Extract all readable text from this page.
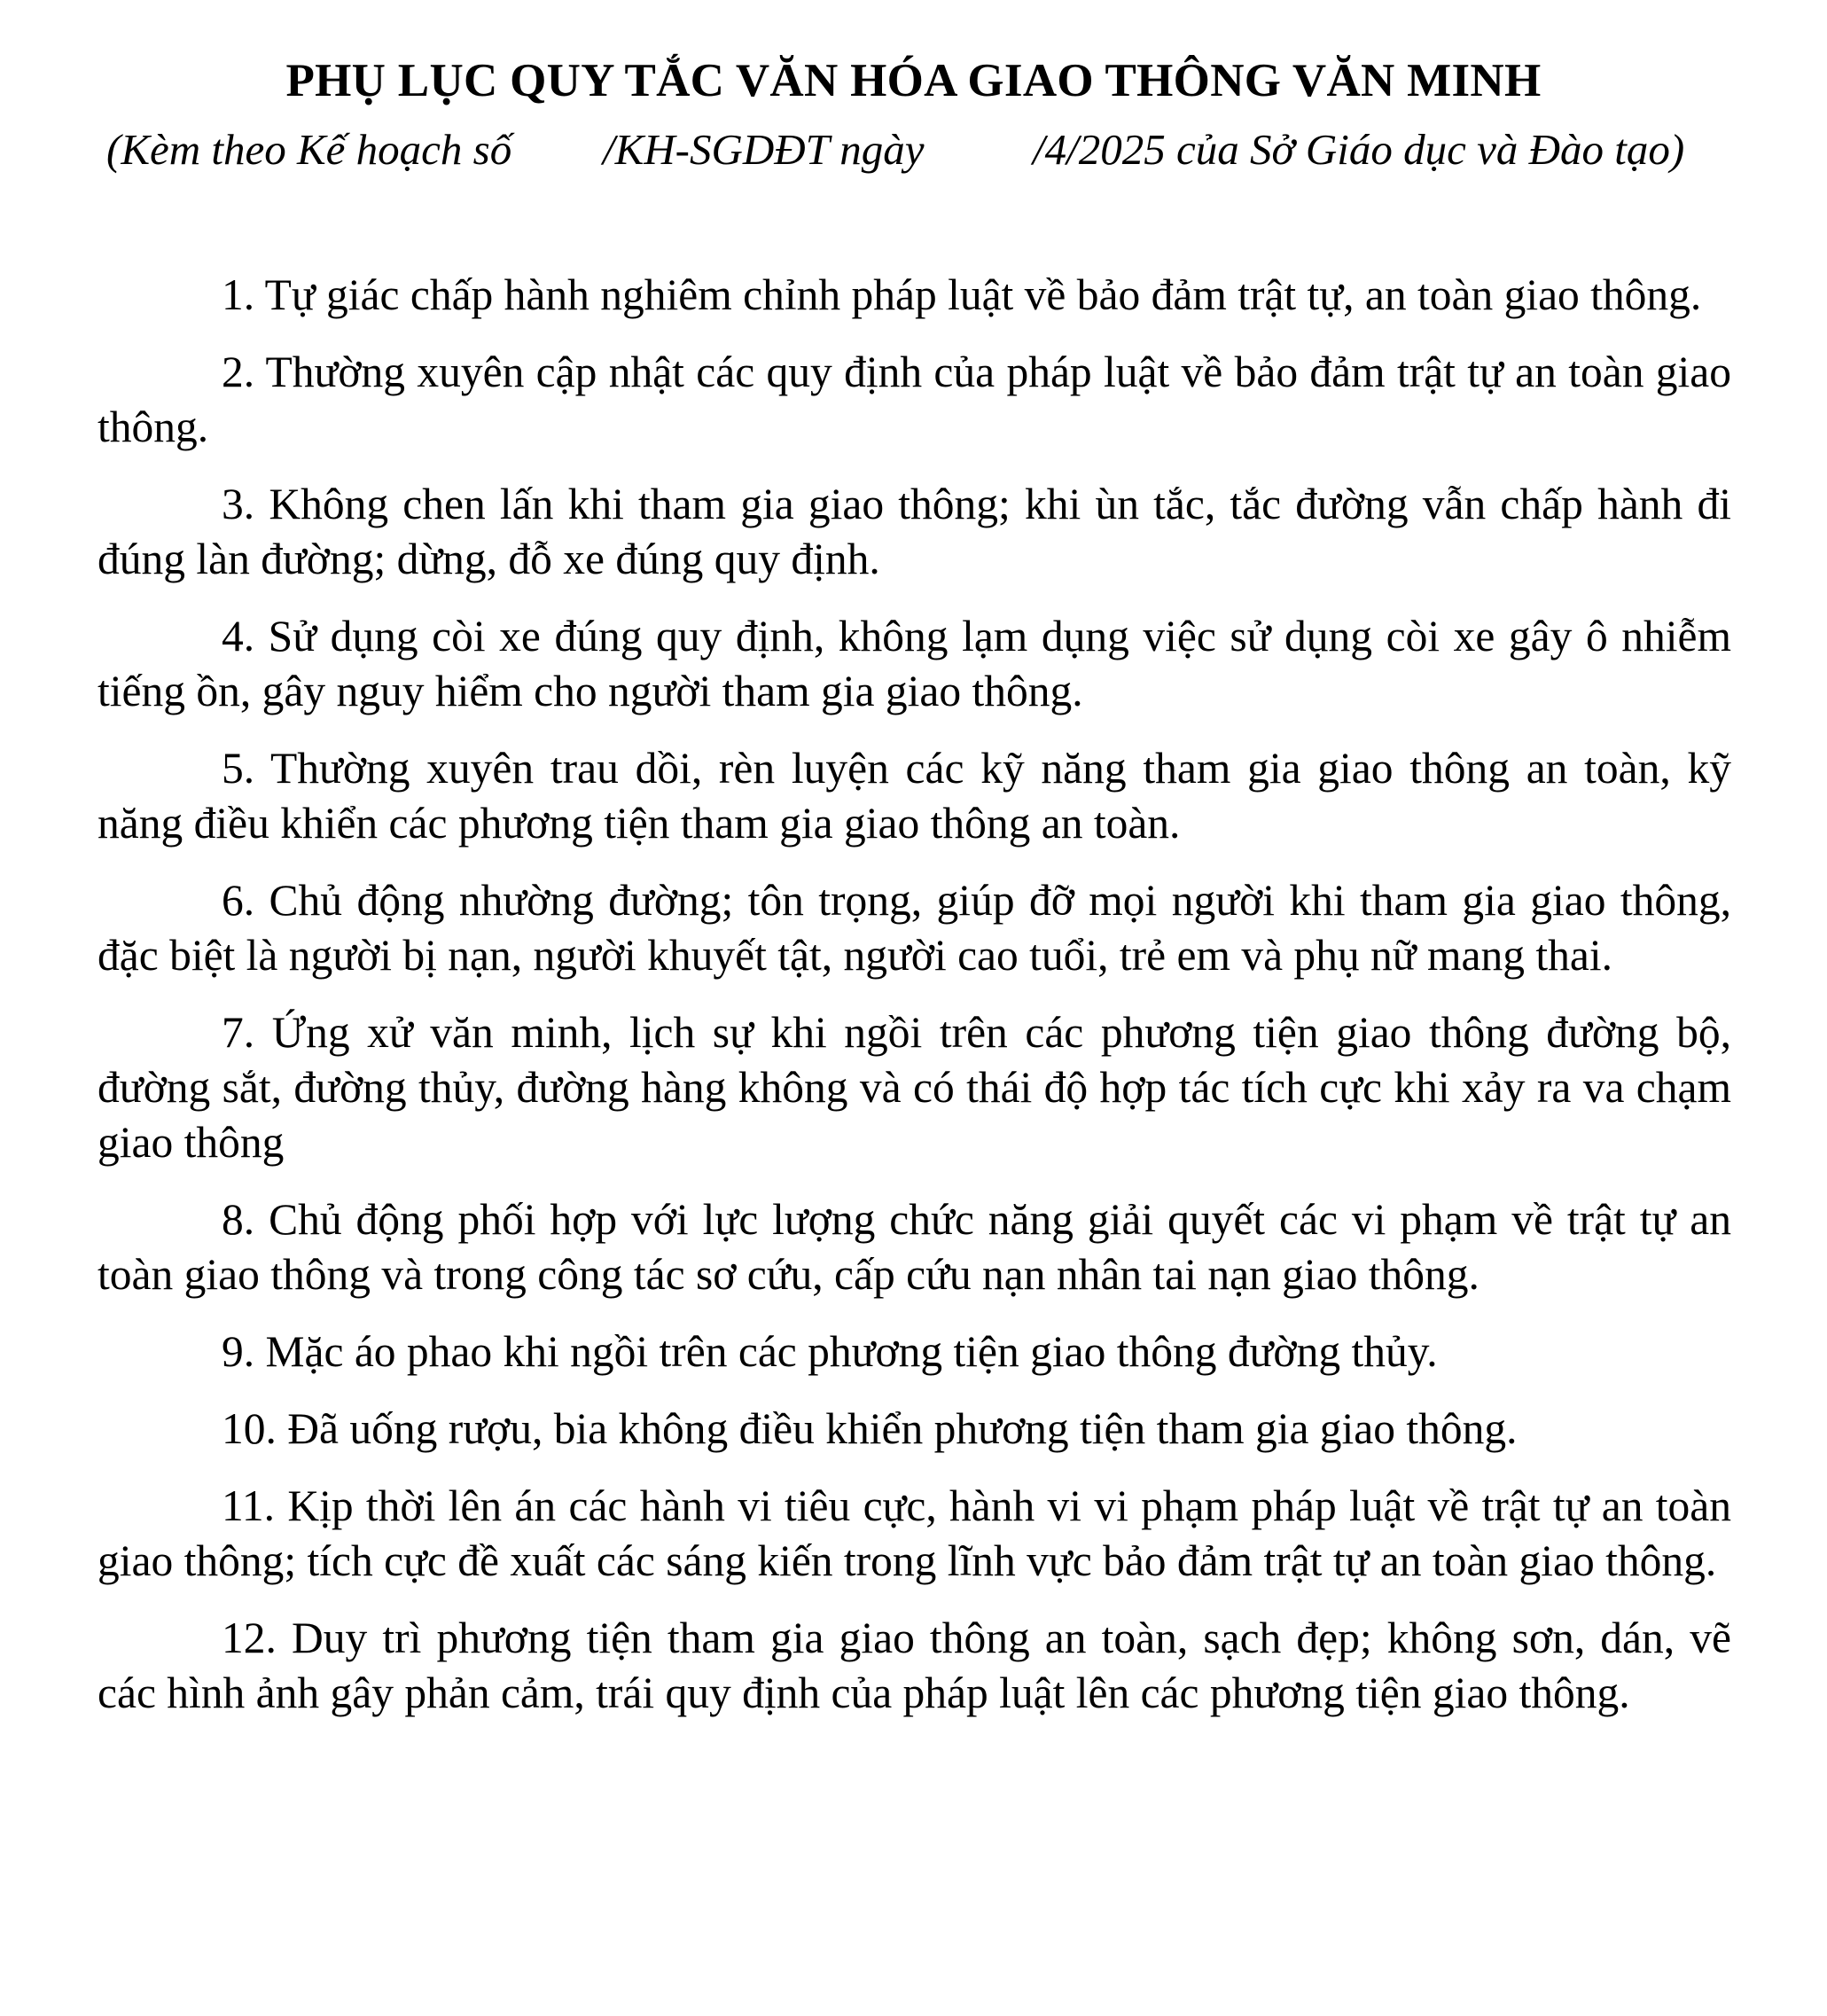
PHỤ LỤC QUY TẮC VĂN HÓA GIAO THÔNG VĂN MINH
(Kèm theo Kế hoạch số /KH-SGDĐT ngày /4/2025 của Sở Giáo dục và Đào tạo)

1. Tự giác chấp hành nghiêm chỉnh pháp luật về bảo đảm trật tự, an toàn giao thông.

2. Thường xuyên cập nhật các quy định của pháp luật về bảo đảm trật tự an toàn giao thông.

3. Không chen lấn khi tham gia giao thông; khi ùn tắc, tắc đường vẫn chấp hành đi đúng làn đường; dừng, đỗ xe đúng quy định.

4. Sử dụng còi xe đúng quy định, không lạm dụng việc sử dụng còi xe gây ô nhiễm tiếng ồn, gây nguy hiểm cho người tham gia giao thông.

5. Thường xuyên trau dồi, rèn luyện các kỹ năng tham gia giao thông an toàn, kỹ năng điều khiển các phương tiện tham gia giao thông an toàn.

6. Chủ động nhường đường; tôn trọng, giúp đỡ mọi người khi tham gia giao thông, đặc biệt là người bị nạn, người khuyết tật, người cao tuổi, trẻ em và phụ nữ mang thai.

7. Ứng xử văn minh, lịch sự khi ngồi trên các phương tiện giao thông đường bộ, đường sắt, đường thủy, đường hàng không và có thái độ hợp tác tích cực khi xảy ra va chạm giao thông

8. Chủ động phối hợp với lực lượng chức năng giải quyết các vi phạm về trật tự an toàn giao thông và trong công tác sơ cứu, cấp cứu nạn nhân tai nạn giao thông.

9. Mặc áo phao khi ngồi trên các phương tiện giao thông đường thủy.

10. Đã uống rượu, bia không điều khiển phương tiện tham gia giao thông.

11. Kịp thời lên án các hành vi tiêu cực, hành vi vi phạm pháp luật về trật tự an toàn giao thông; tích cực đề xuất các sáng kiến trong lĩnh vực bảo đảm trật tự an toàn giao thông.

12. Duy trì phương tiện tham gia giao thông an toàn, sạch đẹp; không sơn, dán, vẽ các hình ảnh gây phản cảm, trái quy định của pháp luật lên các phương tiện giao thông.
